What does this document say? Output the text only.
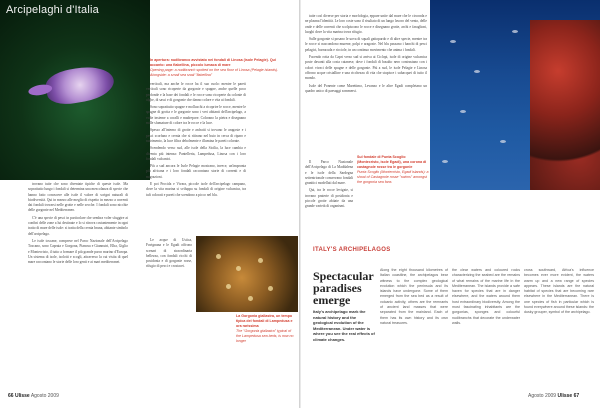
Arcipelaghi d'Italia
In apertura: nudibranco avvistato nei fondali di Linosa (isole Pelagie). Qui accanto: una flabellina, piccolo lumaca di mare
Opening page: a nudibranch spotted on the sea floor of Linosa (Pelagie islands). Alongside: a small sea snail "flabellina"

trovano tutte che sono diventate tipiche di queste isole. Ma soprattutto lungo i fondali si determina una mescolanza di specie che hanno fatto conoscere alle isole il valore di scrigni naturali di biodiversità. Qui in mezzo alle meglio di rispetto in mezzo a correnti dai fondali trovarsi nelle grotte e nelle secche. I fondali sono nicchie delle gorgonie nel Mediterraneo.

C'è una specie di pesci in particolare che sembra voler sfuggire ai confini delle zone a lui destinate e lo si ritrova costantemente in ogni tratto di mare delle isole: si tratta della cernia bruna, abitante simbolo dell'arcipelago.

Le isole toscane, comprese nel Parco Nazionale dell'Arcipelago Toscano, sono Capraia e Gorgona, Pianosa e Giannutri, Elba, Giglio e Montecristo, il tutto a formare il più grande parco marino d'Europa. Un sistema di isole, isolotti e scogli, attraverso la cui visita di quel mare raccontano le storie delle loro genti e ai mari mediterranei.

verticali, ma anche le rocce ha il suo ruolo: mentre le pareti verticali sono ricoperte da gorgonie e spugne, anche quelle poco profonde e la base dei fondali e le rocce sono ricoperte da colonie di alghe, di sassi e di gorgonie che danno colore e vita ai fondali.

Sono soprattutto spugne e molluschi a ricoprire le rocce, mentre le spugne di grotta e le gorgonie sono i veri abitanti dell'arcipelago, a volte insieme a coralli e madrepore. Colorano la pietra e disegnano mille sfumature di colore tra le rocce e la luce.

Spesso all'interno di grotte e anfratti si trovano le aragoste e i pesci scorfano e cernia che si ritirano nel buio in cerca di riparo e nutrimento, la luce filtra debolmente e illumina le pareti colorate.

Scendendo verso sud, alle isole della Sicilia, la luce cambia e diventa più intensa: Pantelleria, Lampedusa, Linosa con i loro fondali vulcanici.

Più a sud ancora le Isole Pelagie mostrano, invece, un'impronta più africana e i loro fondali raccontano storie di correnti e di migrazioni.

E poi Procida e Vivara, piccole isole dell'arcipelago campano, dove la vita marina si sviluppa su fondali di origine vulcanica, tra tufi colorati e pareti che scendono a picco nel blu.

Le acque di Ustica, Favignana e le Egadi offrono scenari di straordinaria bellezza, con fondali ricchi di posidonia e di gorgonie rosse, rifugio di pesci e crostacei.

La Gorgonia giallastra, un tempo tipica dei fondali di Lampedusa e ora rarissima
The "Gorgonia giallastra" typical of the Lampedusa sea beds, is now no longer
66 Ulisse Agosto 2009

tutte così diverse per storia e morfologia, eppure unite dal mare che le circonda e ne plasma l'identità. Le loro coste sono il risultato di un lungo lavoro del vento, delle onde e delle correnti che scolpiscono le rocce e disegnano grotte, archi e faraglioni, luoghi dove la vita marina trova rifugio.

Sulle gorgonie si posano le uova di squali gattopardo e di altre specie, mentre tra le rocce si nascondono murene, polpi e aragoste. Nel blu passano i banchi di pesci pelagici, barracuda e ricciole, in un continuo movimento che anima i fondali.

Facendo rotta da Capri verso sud si arriva ai Ciclopi, isole di origine vulcanica poste davanti alla costa catanese, dove i fondali di basalto nero contrastano con i colori vivaci delle spugne e delle gorgonie. Più a sud, le isole Pelagie e Linosa offrono acque cristalline e una ricchezza di vita che stupisce i subacquei di tutto il mondo.

Isole del Ponente come Marettimo, Levanzo e le altre Egadi completano un quadro unico di paesaggi sommersi.

Sul fondale di Punta Scoglio (Montecristo, isole Egadi), una corona di castagnole rosse tra le gorgonie
Punta Scoglio (Montecristo, Egadi islands): a shoal of Castagnole rosse "swims" amongst the gorgonia sea fans

Il Parco Nazionale dell'Arcipelago di La Maddalena e le isole della Sardegna settentrionale conservano fondali granitici modellati dal mare.

Qui, tra le rocce levigate, si trovano praterie di posidonia e piccole grotte abitate da una grande varietà di organismi.

ITALY'S ARCHIPELAGOS
Spectacular paradises emerge
Italy's archipelago mark the natural history and the geological evolution of the Mediterranean. Under water is where you see the real effects of climate changes.

Along the eight thousand kilometres of Italian coastline, the archipelagos bear witness to the complex geological evolution which the peninsula and its islands have undergone. Some of them emerged from the sea bed as a result of volcanic activity, others are the remnants of ancient land masses that were separated from the mainland. Each of them has its own history and its own natural treasures.

the clear waters and coloured rocks characterizing the seabed are the remains of what remains of the marine life in the Mediterranean. The islands provide a safe haven for species that are in danger elsewhere, and the waters around them host extraordinary biodiversity. Among the most fascinating inhabitants are the gorgonias, sponges and colourful nudibranchs that decorate the underwater walls.

cross southward, Africa's influence becomes ever more evident, the waters warm up and a new range of species appears. These islands are the natural habitat of species that are becoming rare elsewhere in the Mediterranean. There is one species of fish in particular which is found everywhere around these islands: the dusky grouper, symbol of the archipelago.

Agosto 2009 Ulisse 67
